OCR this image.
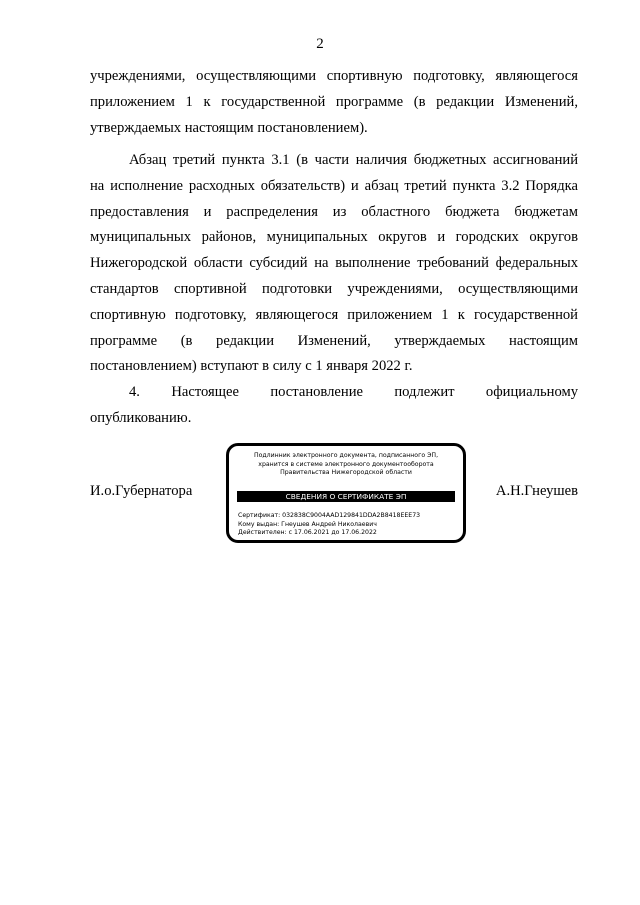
2
учреждениями, осуществляющими спортивную подготовку, являющегося
приложением 1 к государственной программе (в редакции Изменений,
утверждаемых настоящим постановлением).
Абзац третий пункта 3.1 (в части наличия бюджетных ассигнований
на исполнение расходных обязательств) и абзац третий пункта 3.2 Порядка
предоставления и распределения из областного бюджета бюджетам
муниципальных районов, муниципальных округов и городских округов
Нижегородской области субсидий на выполнение требований федеральных
стандартов спортивной подготовки учреждениями, осуществляющими
спортивную подготовку, являющегося приложением 1 к государственной
программе (в редакции Изменений, утверждаемых настоящим
постановлением) вступают в силу с 1 января 2022 г.
4. Настоящее постановление подлежит официальному
опубликованию.
И.о.Губернатора
Подлинник электронного документа, подписанного ЭП,
хранится в системе электронного документооборота
Правительства Нижегородской области
СВЕДЕНИЯ О СЕРТИФИКАТЕ ЭП
Сертификат: 032838C9004AAD129841DDA2B8418EEE73
Кому выдан: Гнеушев Андрей Николаевич
Действителен: с 17.06.2021 до 17.06.2022
А.Н.Гнеушев
